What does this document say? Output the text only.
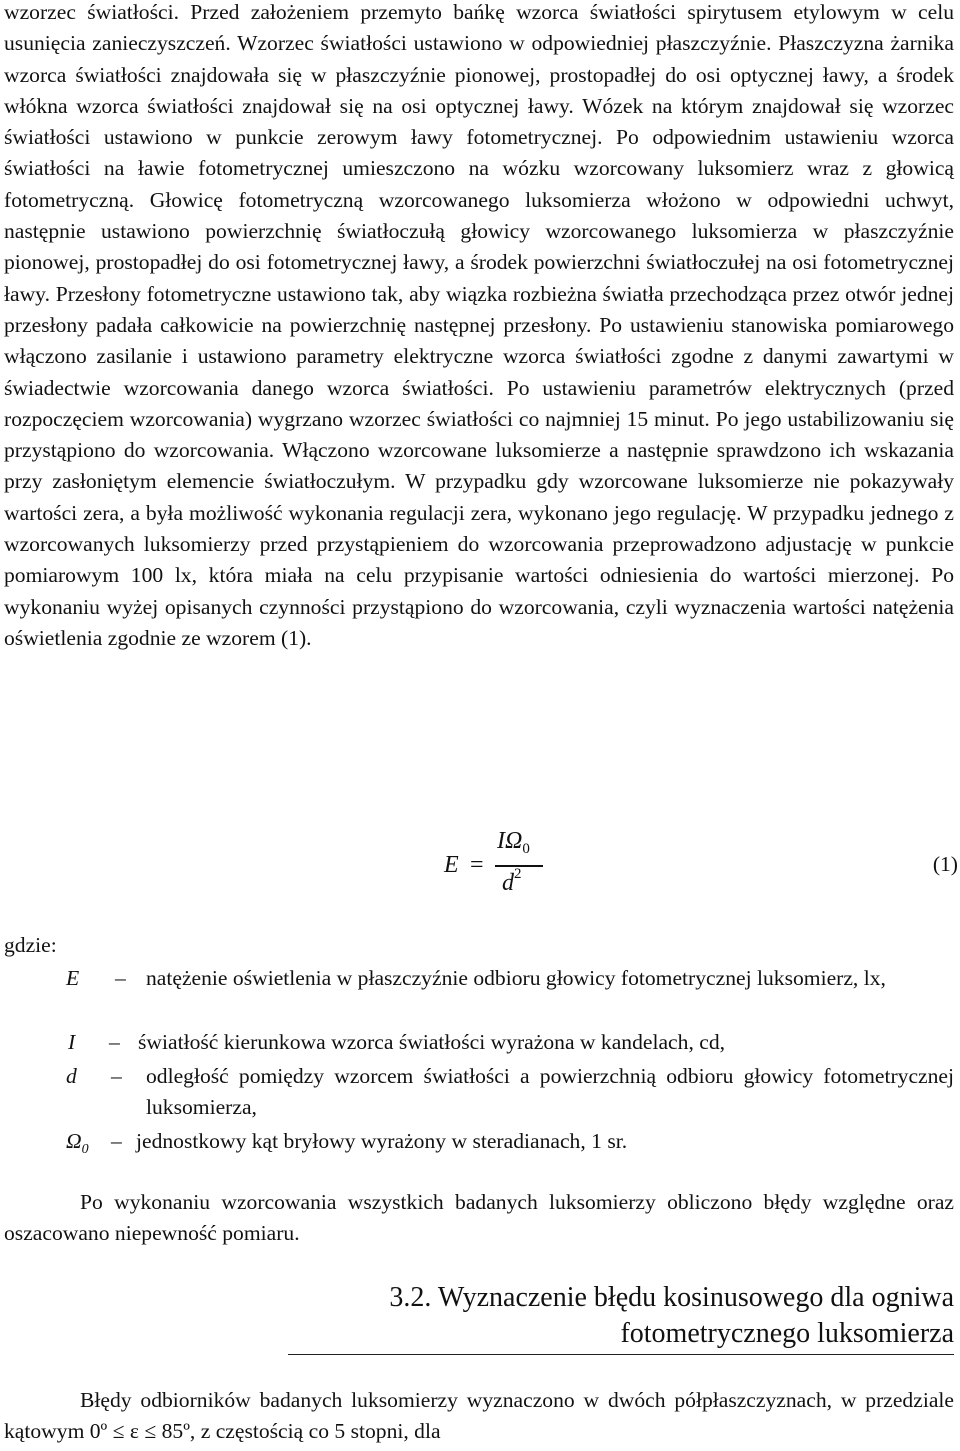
wzorzec światłości. Przed założeniem przemyto bańkę wzorca światłości spirytusem etylowym w celu usunięcia zanieczyszczeń. Wzorzec światłości ustawiono w odpowiedniej płaszczyźnie. Płaszczyzna żarnika wzorca światłości znajdowała się w płaszczyźnie pionowej, prostopadłej do osi optycznej ławy, a środek włókna wzorca światłości znajdował się na osi optycznej ławy. Wózek na którym znajdował się wzorzec światłości ustawiono w punkcie zerowym ławy fotometrycznej. Po odpowiednim ustawieniu wzorca światłości na ławie fotometrycznej umieszczono na wózku wzorcowany luksomierz wraz z głowicą fotometryczną. Głowicę fotometryczną wzorcowanego luksomierza włożono w odpowiedni uchwyt, następnie ustawiono powierzchnię światłoczułą głowicy wzorcowanego luksomierza w płaszczyźnie pionowej, prostopadłej do osi fotometrycznej ławy, a środek powierzchni światłoczułej na osi fotometrycznej ławy. Przesłony fotometryczne ustawiono tak, aby wiązka rozbieżna światła przechodząca przez otwór jednej przesłony padała całkowicie na powierzchnię następnej przesłony. Po ustawieniu stanowiska pomiarowego włączono zasilanie i ustawiono parametry elektryczne wzorca światłości zgodne z danymi zawartymi w świadectwie wzorcowania danego wzorca światłości. Po ustawieniu parametrów elektrycznych (przed rozpoczęciem wzorcowania) wygrzano wzorzec światłości co najmniej 15 minut. Po jego ustabilizowaniu się przystąpiono do wzorcowania. Włączono wzorcowane luksomierze a następnie sprawdzono ich wskazania przy zasłoniętym elemencie światłoczułym. W przypadku gdy wzorcowane luksomierze nie pokazywały wartości zera, a była możliwość wykonania regulacji zera, wykonano jego regulację. W przypadku jednego z wzorcowanych luksomierzy przed przystąpieniem do wzorcowania przeprowadzono adjustację w punkcie pomiarowym 100 lx, która miała na celu przypisanie wartości odniesienia do wartości mierzonej. Po wykonaniu wyżej opisanych czynności przystąpiono do wzorcowania, czyli wyznaczenia wartości natężenia oświetlenia zgodnie ze wzorem (1).

E =
$I\Omega_0$
$d^2$	(1)
gdzie:
E – natężenie oświetlenia w płaszczyźnie odbioru głowicy fotometrycznej luksomierz, lx,
I – światłość kierunkowa wzorca światłości wyrażona w kandelach, cd,
d – odległość pomiędzy wzorcem światłości a powierzchnią odbioru głowicy fotometrycznej luksomierza,
$\Omega_0$ – jednostkowy kąt bryłowy wyrażony w steradianach, 1 sr.

Po wykonaniu wzorcowania wszystkich badanych luksomierzy obliczono błędy względne oraz oszacowano niepewność pomiaru.

3.2. Wyznaczenie błędu kosinusowego dla ogniwa fotometrycznego luksomierza

Błędy odbiorników badanych luksomierzy wyznaczono w dwóch półpłaszczyznach, w przedziale kątowym 0º ≤ ε ≤ 85º, z częstością co 5 stopni, dla
